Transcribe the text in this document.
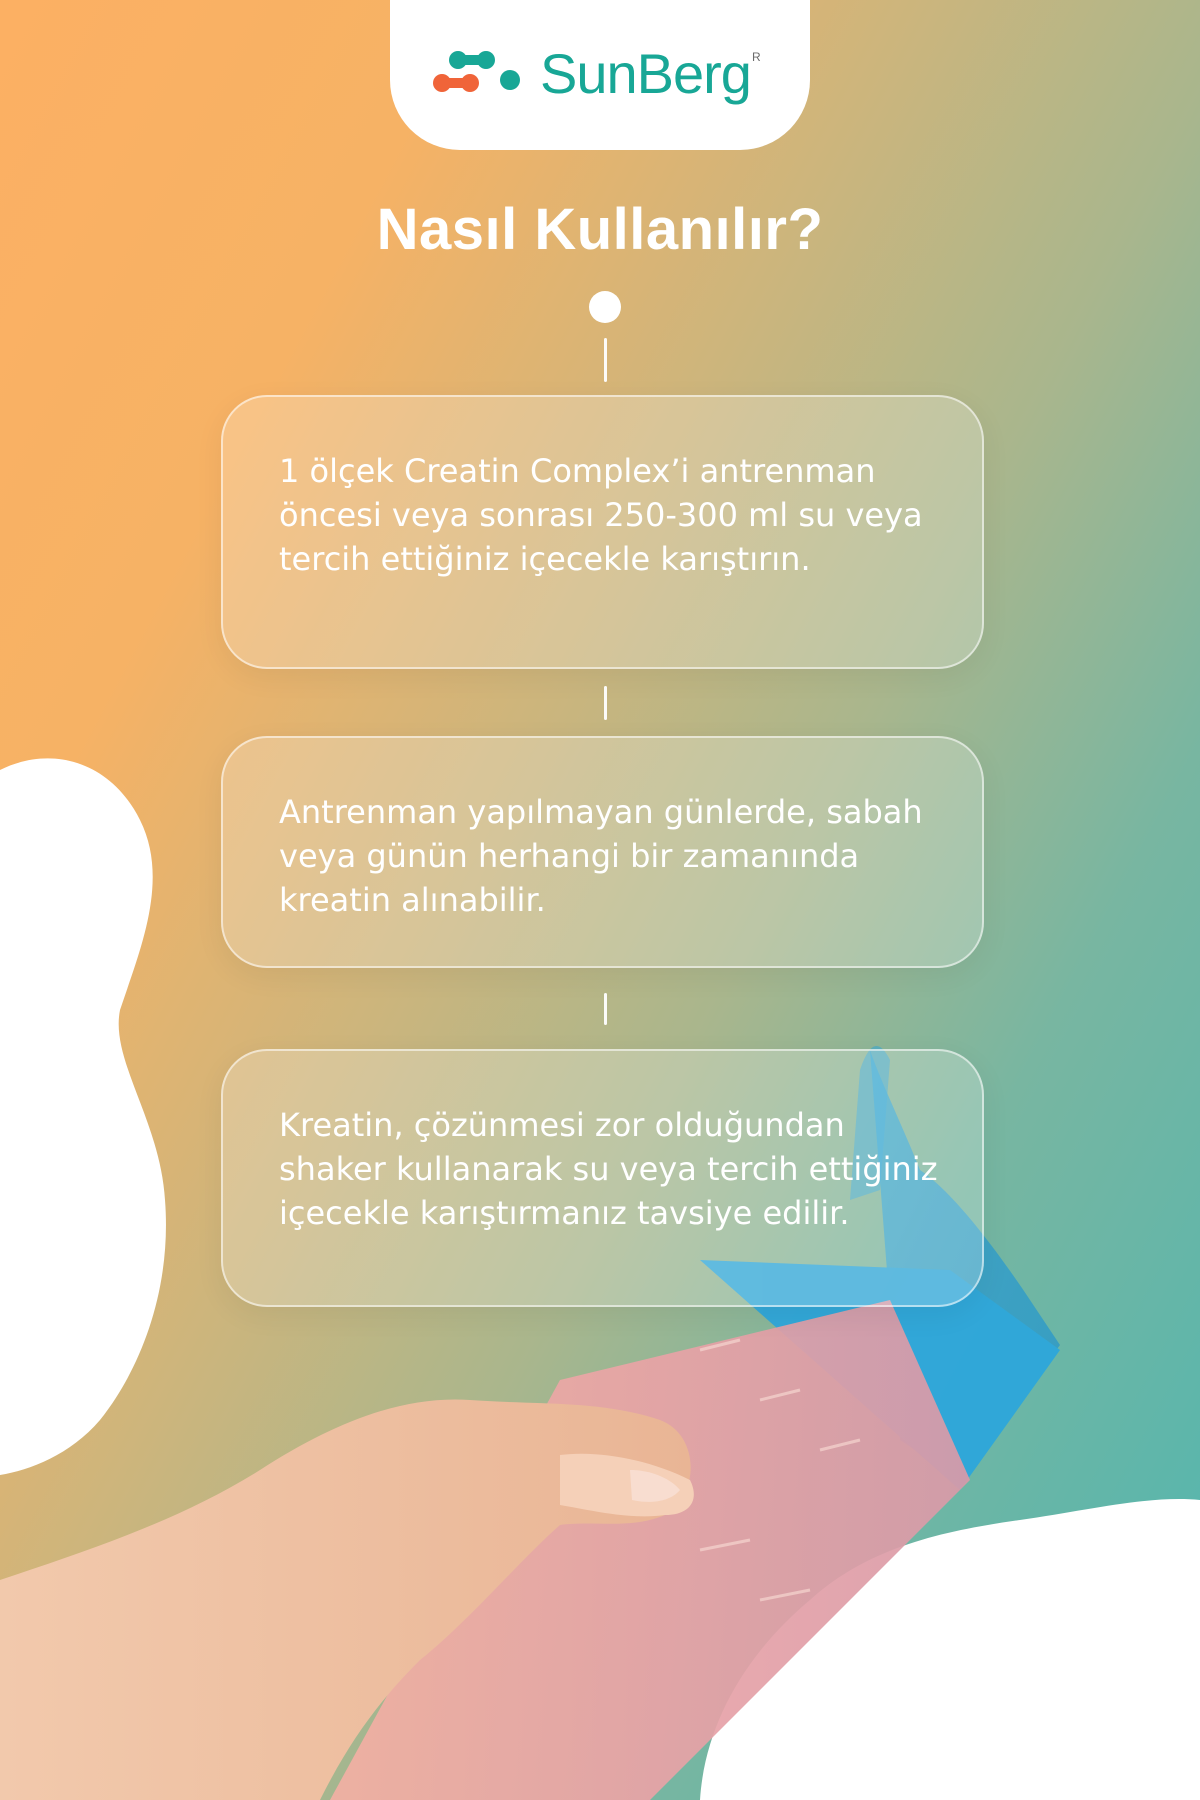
SunBerg R
Nasıl Kullanılır?
1 ölçek Creatin Complex’i antrenman öncesi veya sonrası 250-300 ml su veya tercih ettiğiniz içecekle karıştırın.
Antrenman yapılmayan günlerde, sabah veya günün herhangi bir zamanında kreatin alınabilir.
Kreatin, çözünmesi zor olduğundan shaker kullanarak su veya tercih ettiğiniz içecekle karıştırmanız tavsiye edilir.
